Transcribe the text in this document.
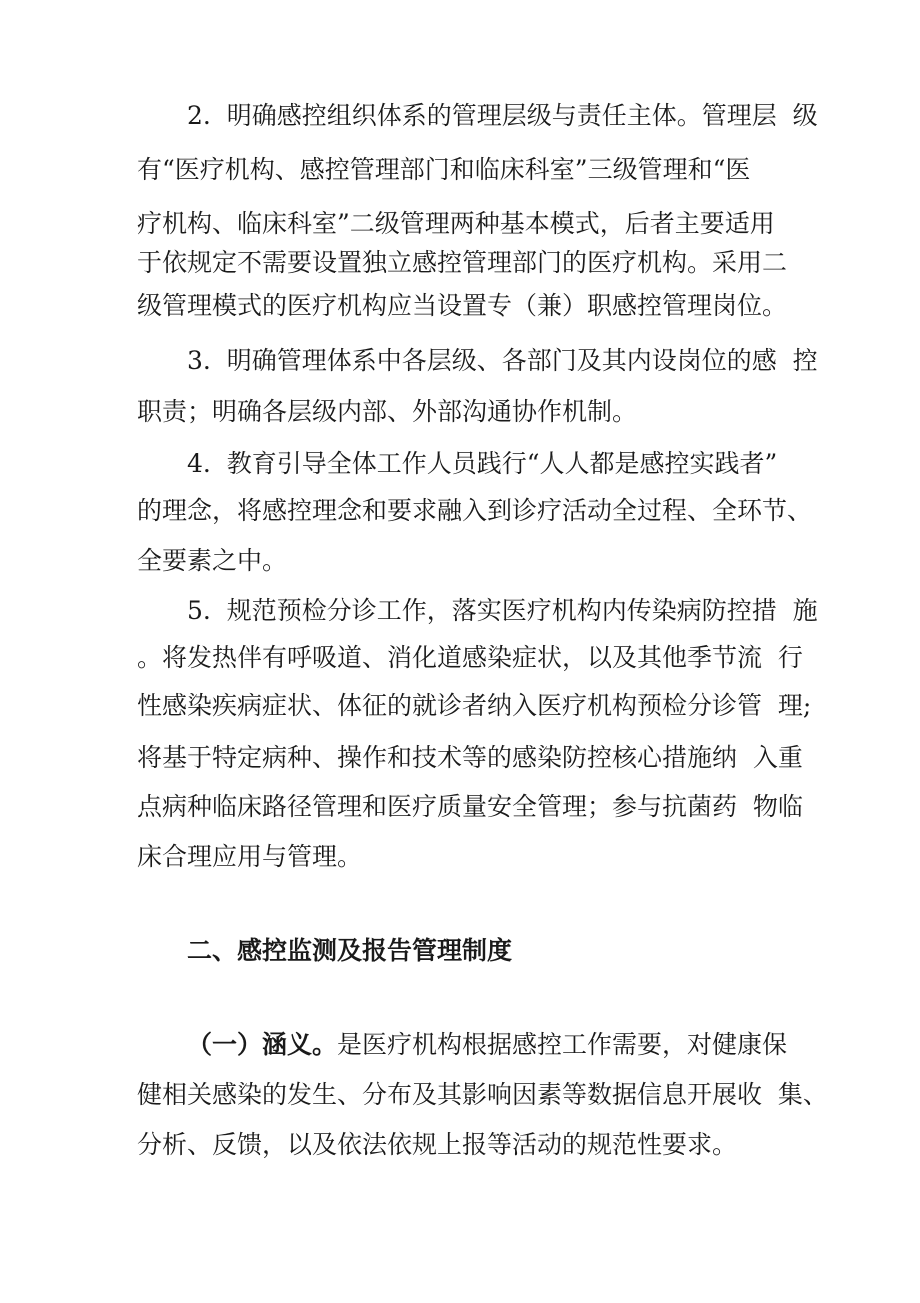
2.  明确感控组织体系的管理层级与责任主体。管理层  级
有“医疗机构、感控管理部门和临床科室”三级管理和“医
疗机构、临床科室”二级管理两种基本模式，后者主要适用
于依规定不需要设置独立感控管理部门的医疗机构。采用二
级管理模式的医疗机构应当设置专（兼）职感控管理岗位。
3.  明确管理体系中各层级、各部门及其内设岗位的感  控
职责；明确各层级内部、外部沟通协作机制。
4.  教育引导全体工作人员践行“人人都是感控实践者”
的理念，将感控理念和要求融入到诊疗活动全过程、全环节、
全要素之中。
5.  规范预检分诊工作，落实医疗机构内传染病防控措  施
。将发热伴有呼吸道、消化道感染症状，以及其他季节流  行
性感染疾病症状、体征的就诊者纳入医疗机构预检分诊管  理;
将基于特定病种、操作和技术等的感染防控核心措施纳  入重
点病种临床路径管理和医疗质量安全管理；参与抗菌药  物临
床合理应用与管理。
二、感控监测及报告管理制度
（一）涵义。是医疗机构根据感控工作需要，对健康保
健相关感染的发生、分布及其影响因素等数据信息开展收  集、
分析、反馈，以及依法依规上报等活动的规范性要求。
